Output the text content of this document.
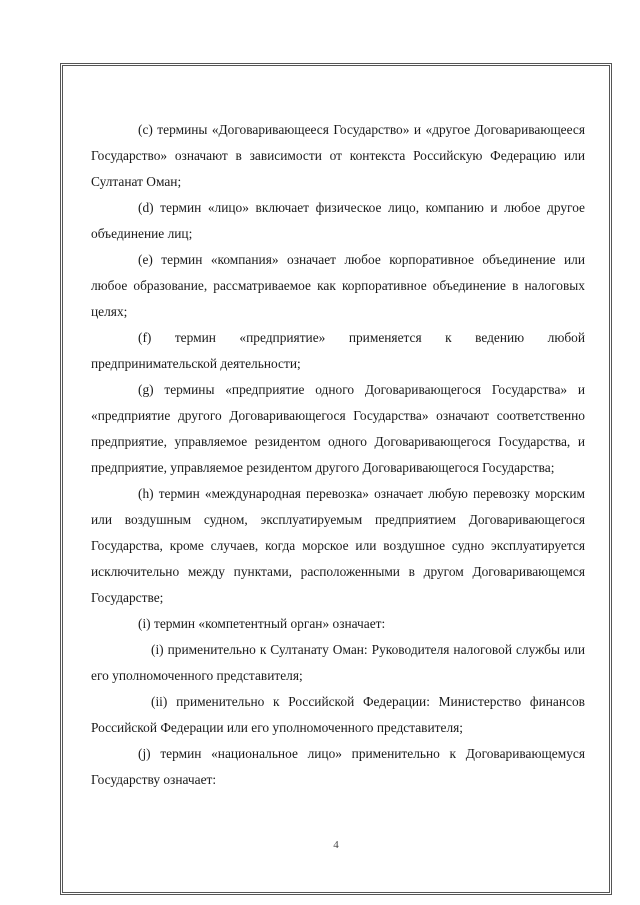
(c) термины «Договаривающееся Государство» и «другое Договаривающееся Государство» означают в зависимости от контекста Российскую Федерацию или Султанат Оман;

(d) термин «лицо» включает физическое лицо, компанию и любое другое объединение лиц;

(e) термин «компания» означает любое корпоративное объединение или любое образование, рассматриваемое как корпоративное объединение в налоговых целях;

(f) термин «предприятие» применяется к ведению любой предпринимательской деятельности;

(g) термины «предприятие одного Договаривающегося Государства» и «предприятие другого Договаривающегося Государства» означают соответственно предприятие, управляемое резидентом одного Договаривающегося Государства, и предприятие, управляемое резидентом другого Договаривающегося Государства;

(h) термин «международная перевозка» означает любую перевозку морским или воздушным судном, эксплуатируемым предприятием Договаривающегося Государства, кроме случаев, когда морское или воздушное судно эксплуатируется исключительно между пунктами, расположенными в другом Договаривающемся Государстве;

(i) термин «компетентный орган» означает:

(i) применительно к Султанату Оман: Руководителя налоговой службы или его уполномоченного представителя;

(ii) применительно к Российской Федерации: Министерство финансов Российской Федерации или его уполномоченного представителя;

(j) термин «национальное лицо» применительно к Договаривающемуся Государству означает:

4
